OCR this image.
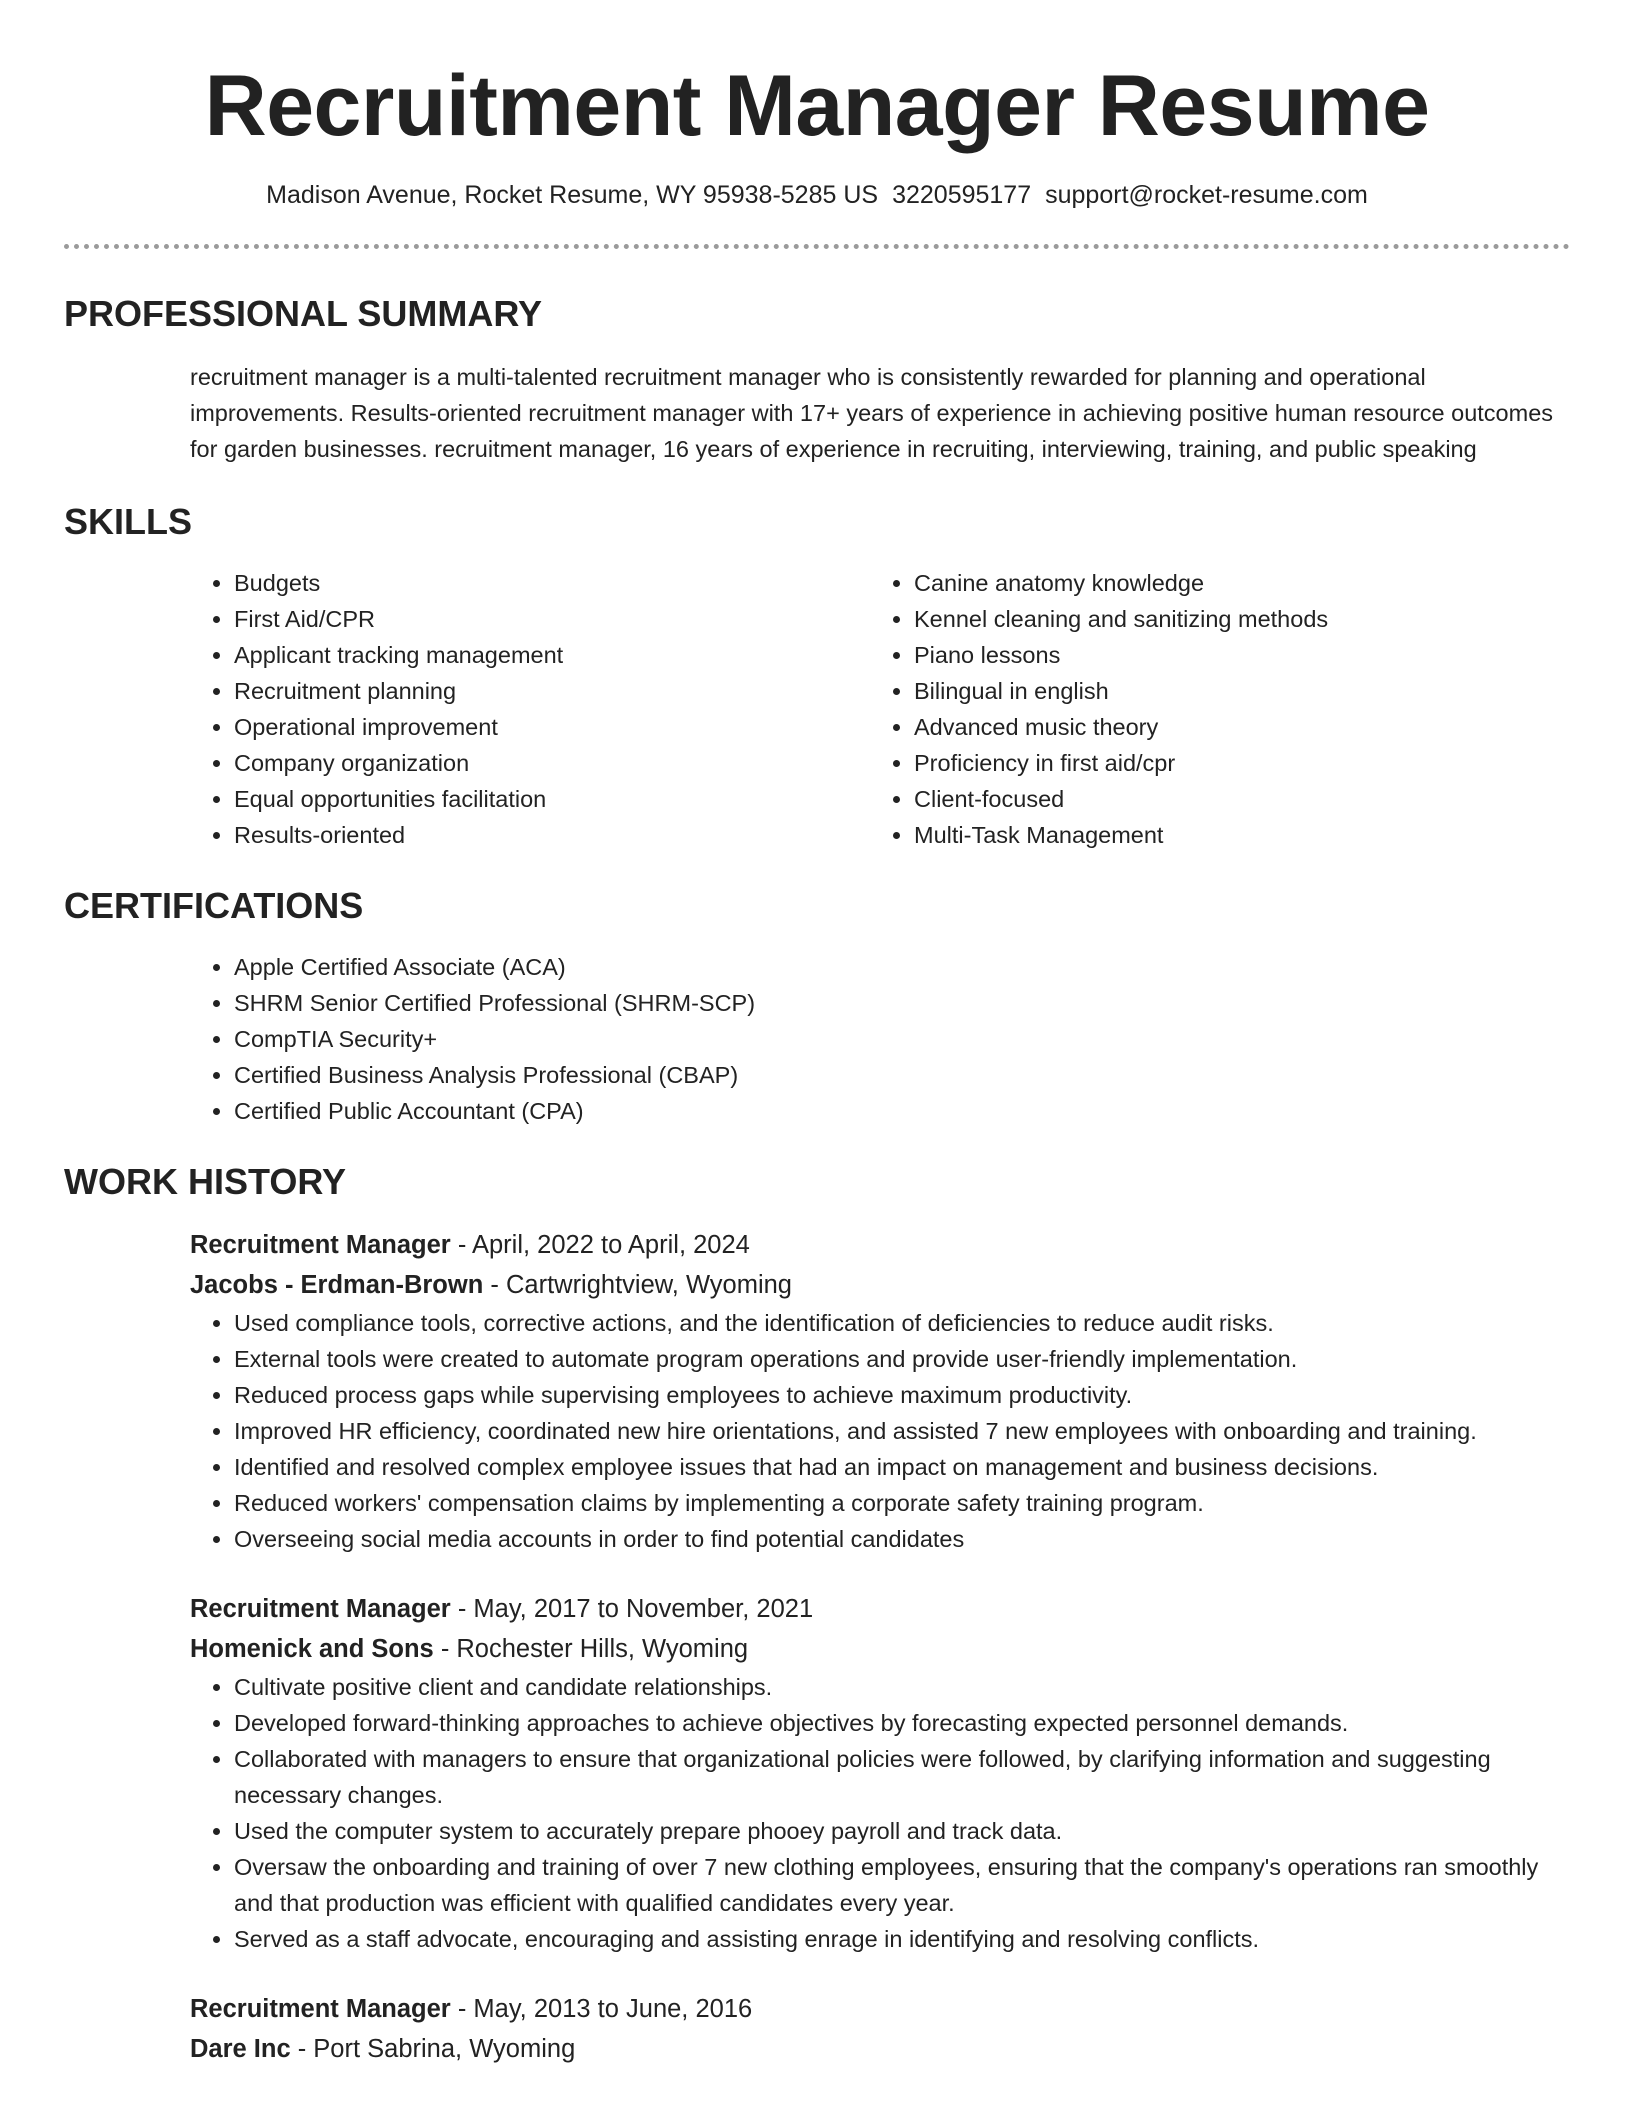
Recruitment Manager Resume
Madison Avenue, Rocket Resume, WY 95938-5285 US 3220595177 support@rocket-resume.com
PROFESSIONAL SUMMARY
recruitment manager is a multi-talented recruitment manager who is consistently rewarded for planning and operational improvements. Results-oriented recruitment manager with 17+ years of experience in achieving positive human resource outcomes for garden businesses. recruitment manager, 16 years of experience in recruiting, interviewing, training, and public speaking
SKILLS
• Budgets
• First Aid/CPR
• Applicant tracking management
• Recruitment planning
• Operational improvement
• Company organization
• Equal opportunities facilitation
• Results-oriented
• Canine anatomy knowledge
• Kennel cleaning and sanitizing methods
• Piano lessons
• Bilingual in english
• Advanced music theory
• Proficiency in first aid/cpr
• Client-focused
• Multi-Task Management
CERTIFICATIONS
• Apple Certified Associate (ACA)
• SHRM Senior Certified Professional (SHRM-SCP)
• CompTIA Security+
• Certified Business Analysis Professional (CBAP)
• Certified Public Accountant (CPA)
WORK HISTORY
Recruitment Manager - April, 2022 to April, 2024
Jacobs - Erdman-Brown - Cartwrightview, Wyoming
• Used compliance tools, corrective actions, and the identification of deficiencies to reduce audit risks.
• External tools were created to automate program operations and provide user-friendly implementation.
• Reduced process gaps while supervising employees to achieve maximum productivity.
• Improved HR efficiency, coordinated new hire orientations, and assisted 7 new employees with onboarding and training.
• Identified and resolved complex employee issues that had an impact on management and business decisions.
• Reduced workers' compensation claims by implementing a corporate safety training program.
• Overseeing social media accounts in order to find potential candidates
Recruitment Manager - May, 2017 to November, 2021
Homenick and Sons - Rochester Hills, Wyoming
• Cultivate positive client and candidate relationships.
• Developed forward-thinking approaches to achieve objectives by forecasting expected personnel demands.
• Collaborated with managers to ensure that organizational policies were followed, by clarifying information and suggesting necessary changes.
• Used the computer system to accurately prepare phooey payroll and track data.
• Oversaw the onboarding and training of over 7 new clothing employees, ensuring that the company's operations ran smoothly and that production was efficient with qualified candidates every year.
• Served as a staff advocate, encouraging and assisting enrage in identifying and resolving conflicts.
Recruitment Manager - May, 2013 to June, 2016
Dare Inc - Port Sabrina, Wyoming
